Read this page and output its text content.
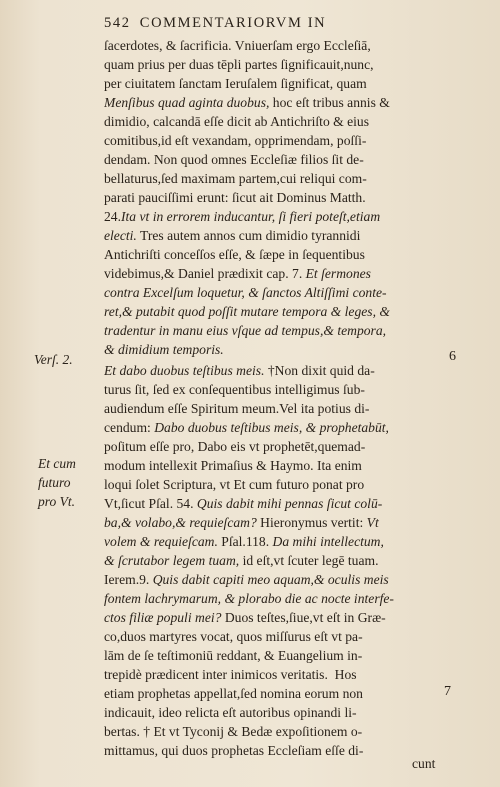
542 COMMENTARIORVM IN
ſacerdotes, & ſacrificia. Vniuerſam ergo Eccleſiā,
quam prius per duas tēpli partes ſignificauit,nunc,
per ciuitatem ſanctam Ieruſalem ſignificat, quam
Menſibus quad aginta duobus, hoc eſt tribus annis &
dimidio, calcandā eſſe dicit ab Antichriſto & eius
comitibus,id eſt vexandam, opprimendam, poſſi-
dendam. Non quod omnes Eccleſiæ filios ſit de-
bellaturus,ſed maximam partem,cui reliqui com-
parati pauciſſimi erunt: ſicut ait Dominus Matth.
24. Ita vt in errorem inducantur, ſi fieri poteſt,etiam
electi. Tres autem annos cum dimidio tyrannidi
Antichriſti conceſſos eſſe, & ſæpe in ſequentibus
videbimus,& Daniel prædixit cap. 7. Et ſermones
contra Excelſum loquetur, & ſanctos Altiſſimi conte-
ret,& putabit quod poſſit mutare tempora & leges, &
tradentur in manu eius vſque ad tempus,& tempora,
& dimidium temporis.
Et dabo duobus teſtibus meis. †Non dixit quid da-
turus ſit, ſed ex conſequentibus intelligimus ſub-
audiendum eſſe Spiritum meum.Vel ita potius di-
cendum: Dabo duobus teſtibus meis, & prophetabūt,
poſitum eſſe pro, Dabo eis vt prophetēt,quemad-
modum intellexit Primaſius & Haymo. Ita enim
loqui ſolet Scriptura, vt Et cum futuro ponat pro
Vt,ſicut Pſal. 54. Quis dabit mihi pennas ſicut colū-
ba,& volabo,& requieſcam? Hieronymus vertit: Vt
volem & requieſcam. Pſal.118. Da mihi intellectum,
& ſcrutabor legem tuam, id eſt,vt ſcuter legē tuam.
Ierem.9. Quis dabit capiti meo aquam,& oculis meis
fontem lachrymarum, & plorabo die ac nocte interfe-
ctos filiæ populi mei? Duos teſtes,ſiue,vt eſt in Græ-
co,duos martyres vocat, quos miſſurus eſt vt pa-
lām de ſe teſtimoniū reddant, & Euangelium in-
trepidè prædicent inter inimicos veritatis.  Hos
etiam prophetas appellat,ſed nomina eorum non
indicauit, ideo relicta eſt autoribus opinandi li-
bertas. † Et vt Tyconij & Bedæ expoſitionem o-
mittamus, qui duos prophetas Eccleſiam eſſe di-
Verſ. 2.
Et cum
futuro
pro Vt.
6
7
cunt
